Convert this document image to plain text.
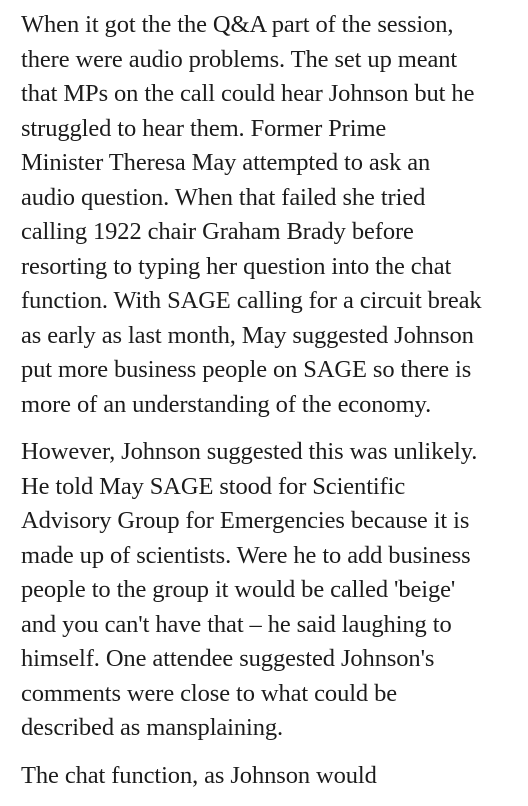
When it got the the Q&A part of the session,
there were audio problems. The set up meant
that MPs on the call could hear Johnson but he
struggled to hear them. Former Prime
Minister Theresa May attempted to ask an
audio question. When that failed she tried
calling 1922 chair Graham Brady before
resorting to typing her question into the chat
function. With SAGE calling for a circuit break
as early as last month, May suggested Johnson
put more business people on SAGE so there is
more of an understanding of the economy.

However, Johnson suggested this was unlikely.
He told May SAGE stood for Scientific
Advisory Group for Emergencies because it is
made up of scientists. Were he to add business
people to the group it would be called 'beige'
and you can't have that – he said laughing to
himself. One attendee suggested Johnson's
comments were close to what could be
described as mansplaining.

The chat function, as Johnson would
